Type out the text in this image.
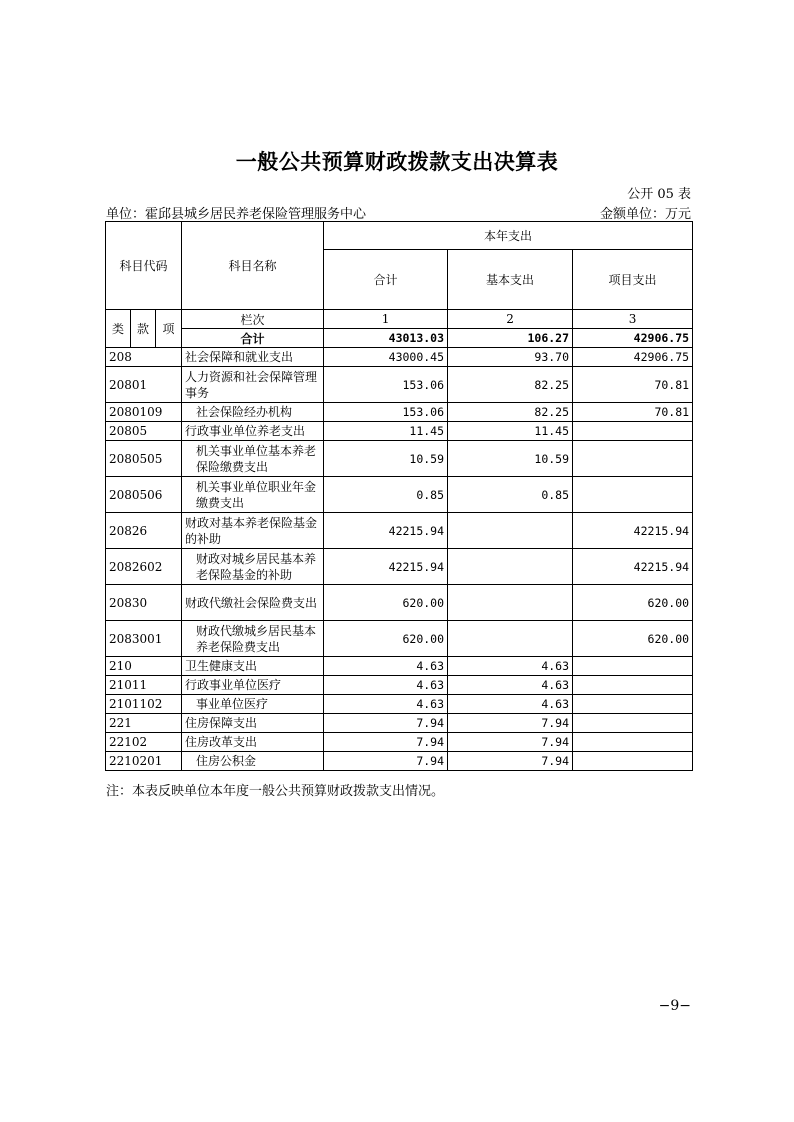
一般公共预算财政拨款支出决算表
公开 05 表
单位：霍邱县城乡居民养老保险管理服务中心	金额单位：万元
科目代码			科目名称	本年支出		
				合计	基本支出	项目支出
类	款	项	栏次	1	2	3
			合计	43013.03	106.27	42906.75
208			社会保障和就业支出	43000.45	93.70	42906.75
20801			人力资源和社会保障管理事务	153.06	82.25	70.81
2080109			社会保险经办机构	153.06	82.25	70.81
20805			行政事业单位养老支出	11.45	11.45	
2080505			机关事业单位基本养老保险缴费支出	10.59	10.59	
2080506			机关事业单位职业年金缴费支出	0.85	0.85	
20826			财政对基本养老保险基金的补助	42215.94		42215.94
2082602			财政对城乡居民基本养老保险基金的补助	42215.94		42215.94
20830			财政代缴社会保险费支出	620.00		620.00
2083001			财政代缴城乡居民基本养老保险费支出	620.00		620.00
210			卫生健康支出	4.63	4.63	
21011			行政事业单位医疗	4.63	4.63	
2101102			事业单位医疗	4.63	4.63	
221			住房保障支出	7.94	7.94	
22102			住房改革支出	7.94	7.94	
2210201			住房公积金	7.94	7.94	
注：本表反映单位本年度一般公共预算财政拨款支出情况。
−9−
